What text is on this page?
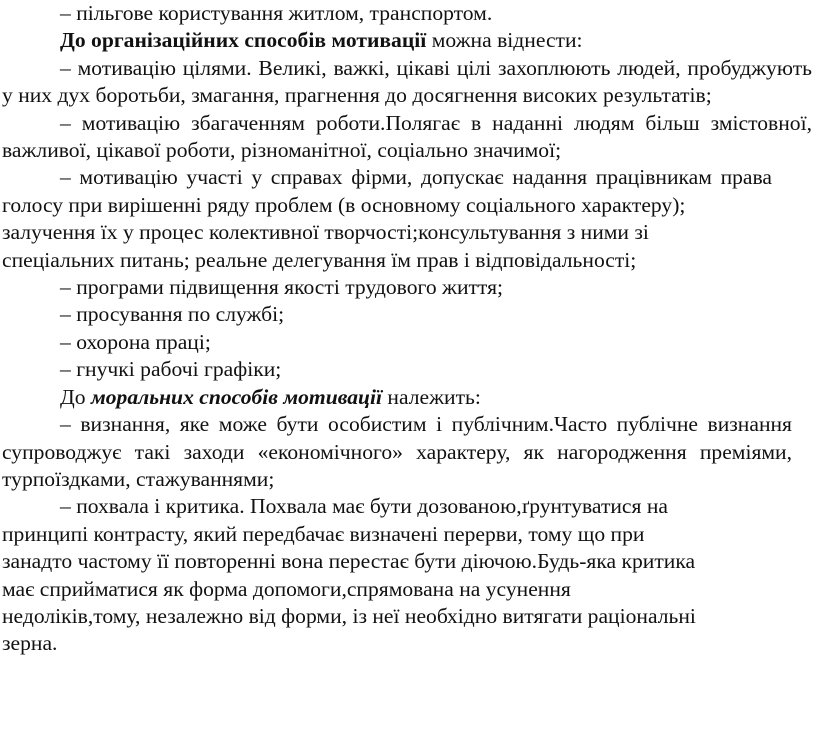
– пільгове користування житлом, транспортом.

До організаційних способів мотивації можна віднести:

– мотивацію цілями. Великі, важкі, цікаві цілі захоплюють людей, пробуджують у них дух боротьби, змагання, прагнення до досягнення високих результатів;

– мотивацію збагаченням роботи.Полягає в наданні людям більш змістовної, важливої, цікавої роботи, різноманітної, соціально значимої;

– мотивацію участі у справах фірми, допускає надання працівникам права голосу при вирішенні ряду проблем (в основному соціального характеру);

залучення їх у процес колективної творчості;консультування з ними зі

спеціальних питань; реальне делегування їм прав і відповідальності;

– програми підвищення якості трудового життя;

– просування по службі;

– охорона праці;

– гнучкі рабочі графіки;

До моральних способів мотивації належить:

– визнання, яке може бути особистим і публічним.Часто публічне визнання супроводжує такі заходи «економічного» характеру, як нагородження преміями, турпоїздками, стажуваннями;

– похвала і критика. Похвала має бути дозованою,ґрунтуватися на

принципі контрасту, який передбачає визначені перерви, тому що при

занадто частому її повторенні вона перестає бути діючою.Будь-яка критика

має сприйматися як форма допомоги,спрямована на усунення

недоліків,тому, незалежно від форми, із неї необхідно витягати раціональні

зерна.
